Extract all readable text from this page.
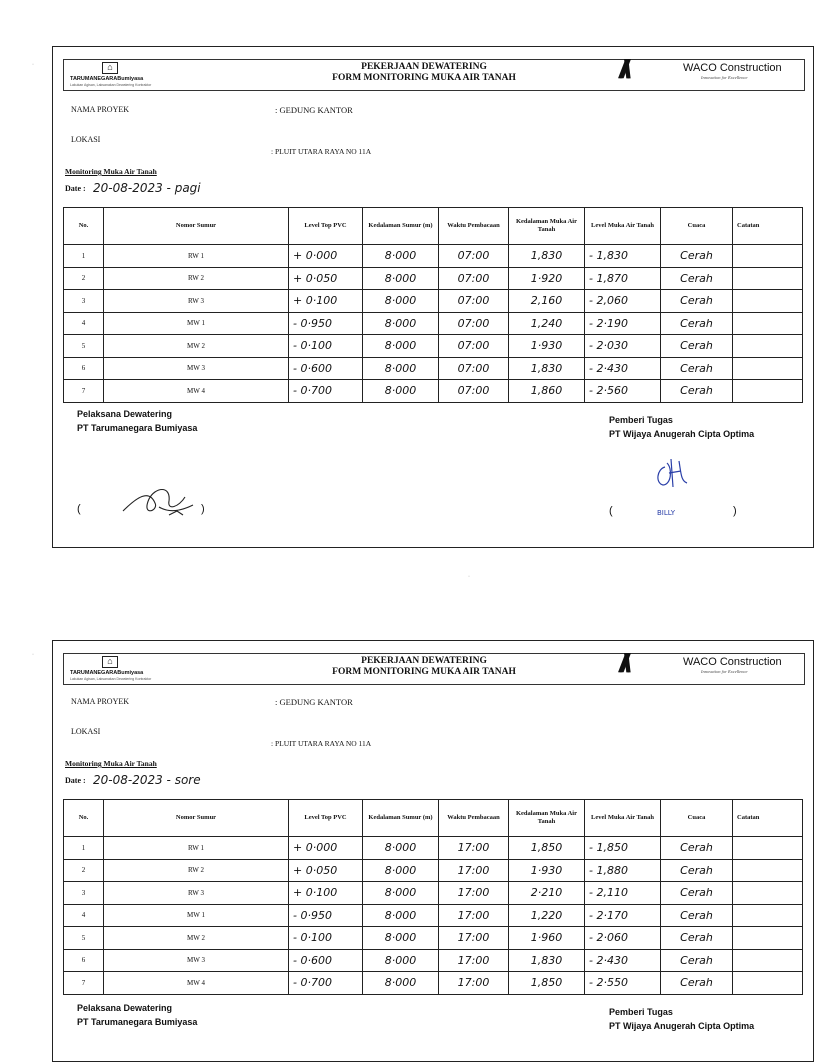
⌂
TARUMANEGARABumiyasa
Lakukan Agisan, Laksanakan Dewatering Kontraktor
PEKERJAAN DEWATERING
FORM MONITORING MUKA AIR TANAH	///\\	WACO Construction
Innovation for Excellence
NAMA PROYEK	: GEDUNG KANTOR
LOKASI
: PLUIT UTARA RAYA NO 11A
Monitoring Muka Air Tanah
Date : 20-08-2023 - pagi
No.	Nomor Sumur	Level Top PVC	Kedalaman Sumur (m)	Waktu Pembacaan	Kedalaman Muka Air Tanah	Level Muka Air Tanah	Cuaca	Catatan
1	RW 1	+ 0·000	8·000	07:00	1,830	- 1,830	Cerah	
2	RW 2	+ 0·050	8·000	07:00	1·920	- 1,870	Cerah	
3	RW 3	+ 0·100	8·000	07:00	2,160	- 2,060	Cerah	
4	MW 1	- 0·950	8·000	07:00	1,240	- 2·190	Cerah	
5	MW 2	- 0·100	8·000	07:00	1·930	- 2·030	Cerah	
6	MW 3	- 0·600	8·000	07:00	1,830	- 2·430	Cerah	
7	MW 4	- 0·700	8·000	07:00	1,860	- 2·560	Cerah	
Pelaksana Dewatering
PT Tarumanegara Bumiyasa
Pemberi Tugas
PT Wijaya Anugerah Cipta Optima
(	)	(	BILLY	)
⌂
TARUMANEGARABumiyasa
Lakukan Agisan, Laksanakan Dewatering Kontraktor
PEKERJAAN DEWATERING
FORM MONITORING MUKA AIR TANAH	///\\	WACO Construction
Innovation for Excellence
NAMA PROYEK	: GEDUNG KANTOR
LOKASI
: PLUIT UTARA RAYA NO 11A
Monitoring Muka Air Tanah
Date : 20-08-2023 - sore
No.	Nomor Sumur	Level Top PVC	Kedalaman Sumur (m)	Waktu Pembacaan	Kedalaman Muka Air Tanah	Level Muka Air Tanah	Cuaca	Catatan
1	RW 1	+ 0·000	8·000	17:00	1,850	- 1,850	Cerah	
2	RW 2	+ 0·050	8·000	17:00	1·930	- 1,880	Cerah	
3	RW 3	+ 0·100	8·000	17:00	2·210	- 2,110	Cerah	
4	MW 1	- 0·950	8·000	17:00	1,220	- 2·170	Cerah	
5	MW 2	- 0·100	8·000	17:00	1·960	- 2·060	Cerah	
6	MW 3	- 0·600	8·000	17:00	1,830	- 2·430	Cerah	
7	MW 4	- 0·700	8·000	17:00	1,850	- 2·550	Cerah	
Pelaksana Dewatering
PT Tarumanegara Bumiyasa
Pemberi Tugas
PT Wijaya Anugerah Cipta Optima
·
·
·
